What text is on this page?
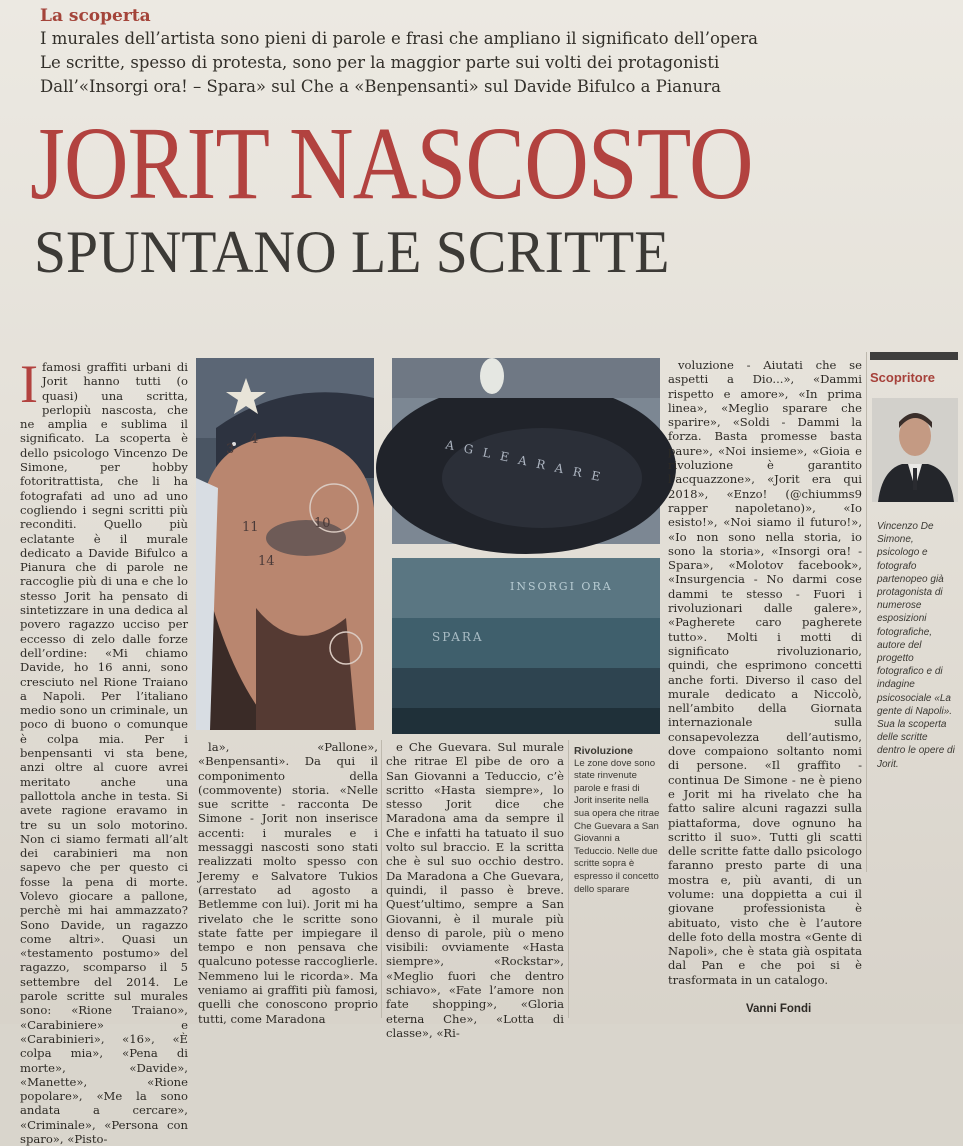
La scoperta
I murales dell’artista sono pieni di parole e frasi che ampliano il significato dell’opera
Le scritte, spesso di protesta, sono per la maggior parte sui volti dei protagonisti
Dall’«Insorgi ora! – Spara» sul Che a «Benpensanti» sul Davide Bifulco a Pianura
JORIT NASCOSTO
SPUNTANO LE SCRITTE
3
4
11	10
14
A G L E A R A R E
INSORGI ORA
SPARA

I famosi graffiti urbani di Jorit hanno tutti (o quasi) una scritta, perlopiù nascosta, che ne amplia e sublima il significato. La scoperta è dello psicologo Vincenzo De Simone, per hobby fotoritrattista, che li ha fotografati ad uno ad uno cogliendo i segni scritti più reconditi. Quello più eclatante è il murale dedicato a Davide Bifulco a Pianura che di parole ne raccoglie più di una e che lo stesso Jorit ha pensato di sintetizzare in una dedica al povero ragazzo ucciso per eccesso di zelo dalle forze dell’ordine: «Mi chiamo Davide, ho 16 anni, sono cresciuto nel Rione Traiano a Napoli. Per l’italiano medio sono un criminale, un poco di buono o comunque è colpa mia. Per i benpensanti vi sta bene, anzi oltre al cuore avrei meritato anche una pallottola anche in testa. Si avete ragione eravamo in tre su un solo motorino. Non ci siamo fermati all’alt dei carabinieri ma non sapevo che per questo ci fosse la pena di morte. Volevo giocare a pallone, perchè mi hai ammazzato? Sono Davide, un ragazzo come altri». Quasi un «testamento postumo» del ragazzo, scomparso il 5 settembre del 2014. Le parole scritte sul murales sono: «Rione Traiano», «Carabiniere» e «Carabinieri», «16», «È colpa mia», «Pena di morte», «Davide», «Manette», «Rione popolare», «Me la sono andata a cercare», «Criminale», «Persona con sparo», «Pisto-

la», «Pallone», «Benpensanti». Da qui il componimento della (commovente) storia. «Nelle sue scritte - racconta De Simone - Jorit non inserisce accenti: i murales e i messaggi nascosti sono stati realizzati molto spesso con Jeremy e Salvatore Tukios (arrestato ad agosto a Betlemme con lui). Jorit mi ha rivelato che le scritte sono state fatte per impiegare il tempo e non pensava che qualcuno potesse raccoglierle. Nemmeno lui le ricorda». Ma veniamo ai graffiti più famosi, quelli che conoscono proprio tutti, come Maradona

e Che Guevara. Sul murale che ritrae El pibe de oro a San Giovanni a Teduccio, c’è scritto «Hasta siempre», lo stesso Jorit dice che Maradona ama da sempre il Che e infatti ha tatuato il suo volto sul braccio. E la scritta che è sul suo occhio destro. Da Maradona a Che Guevara, quindi, il passo è breve. Quest’ultimo, sempre a San Giovanni, è il murale più denso di parole, più o meno visibili: ovviamente «Hasta siempre», «Rockstar», «Meglio fuori che dentro schiavo», «Fate l’amore non fate shopping», «Gloria eterna Che», «Lotta di classe», «Ri-

voluzione - Aiutati che se aspetti a Dio...», «Dammi rispetto e amore», «In prima linea», «Meglio sparare che sparire», «Soldi - Dammi la forza. Basta promesse basta paure», «Noi insieme», «Gioia e rivoluzione è garantito l’acquazzone», «Jorit era qui 2018», «Enzo! (@chiumms9 rapper napoletano)», «Io esisto!», «Noi siamo il futuro!», «Io non sono nella storia, io sono la storia», «Insorgi ora! - Spara», «Molotov facebook», «Insurgencia - No darmi cose dammi te stesso - Fuori i rivoluzionari dalle galere», «Pagherete caro pagherete tutto». Molti i motti di significato rivoluzionario, quindi, che esprimono concetti anche forti. Diverso il caso del murale dedicato a Niccolò, nell’ambito della Giornata internazionale sulla consapevolezza dell’autismo, dove compaiono soltanto nomi di persone. «Il graffito - continua De Simone - ne è pieno e Jorit mi ha rivelato che ha fatto salire alcuni ragazzi sulla piattaforma, dove ognuno ha scritto il suo». Tutti gli scatti delle scritte fatte dallo psicologo faranno presto parte di una mostra e, più avanti, di un volume: una doppietta a cui il giovane professionista è abituato, visto che è l’autore delle foto della mostra «Gente di Napoli», che è stata già ospitata dal Pan e che poi si è trasformata in un catalogo.

Rivoluzione
Le zone dove sono state rinvenute parole e frasi di Jorit inserite nella sua opera che ritrae Che Guevara a San Giovanni a Teduccio. Nelle due scritte sopra è espresso il concetto dello sparare
Scopritore
Vincenzo De Simone, psicologo e fotografo partenopeo già protagonista di numerose esposizioni fotografiche, autore del progetto fotografico e di indagine psicosociale «La gente di Napoli». Sua la scoperta delle scritte dentro le opere di Jorit.
Vanni Fondi
